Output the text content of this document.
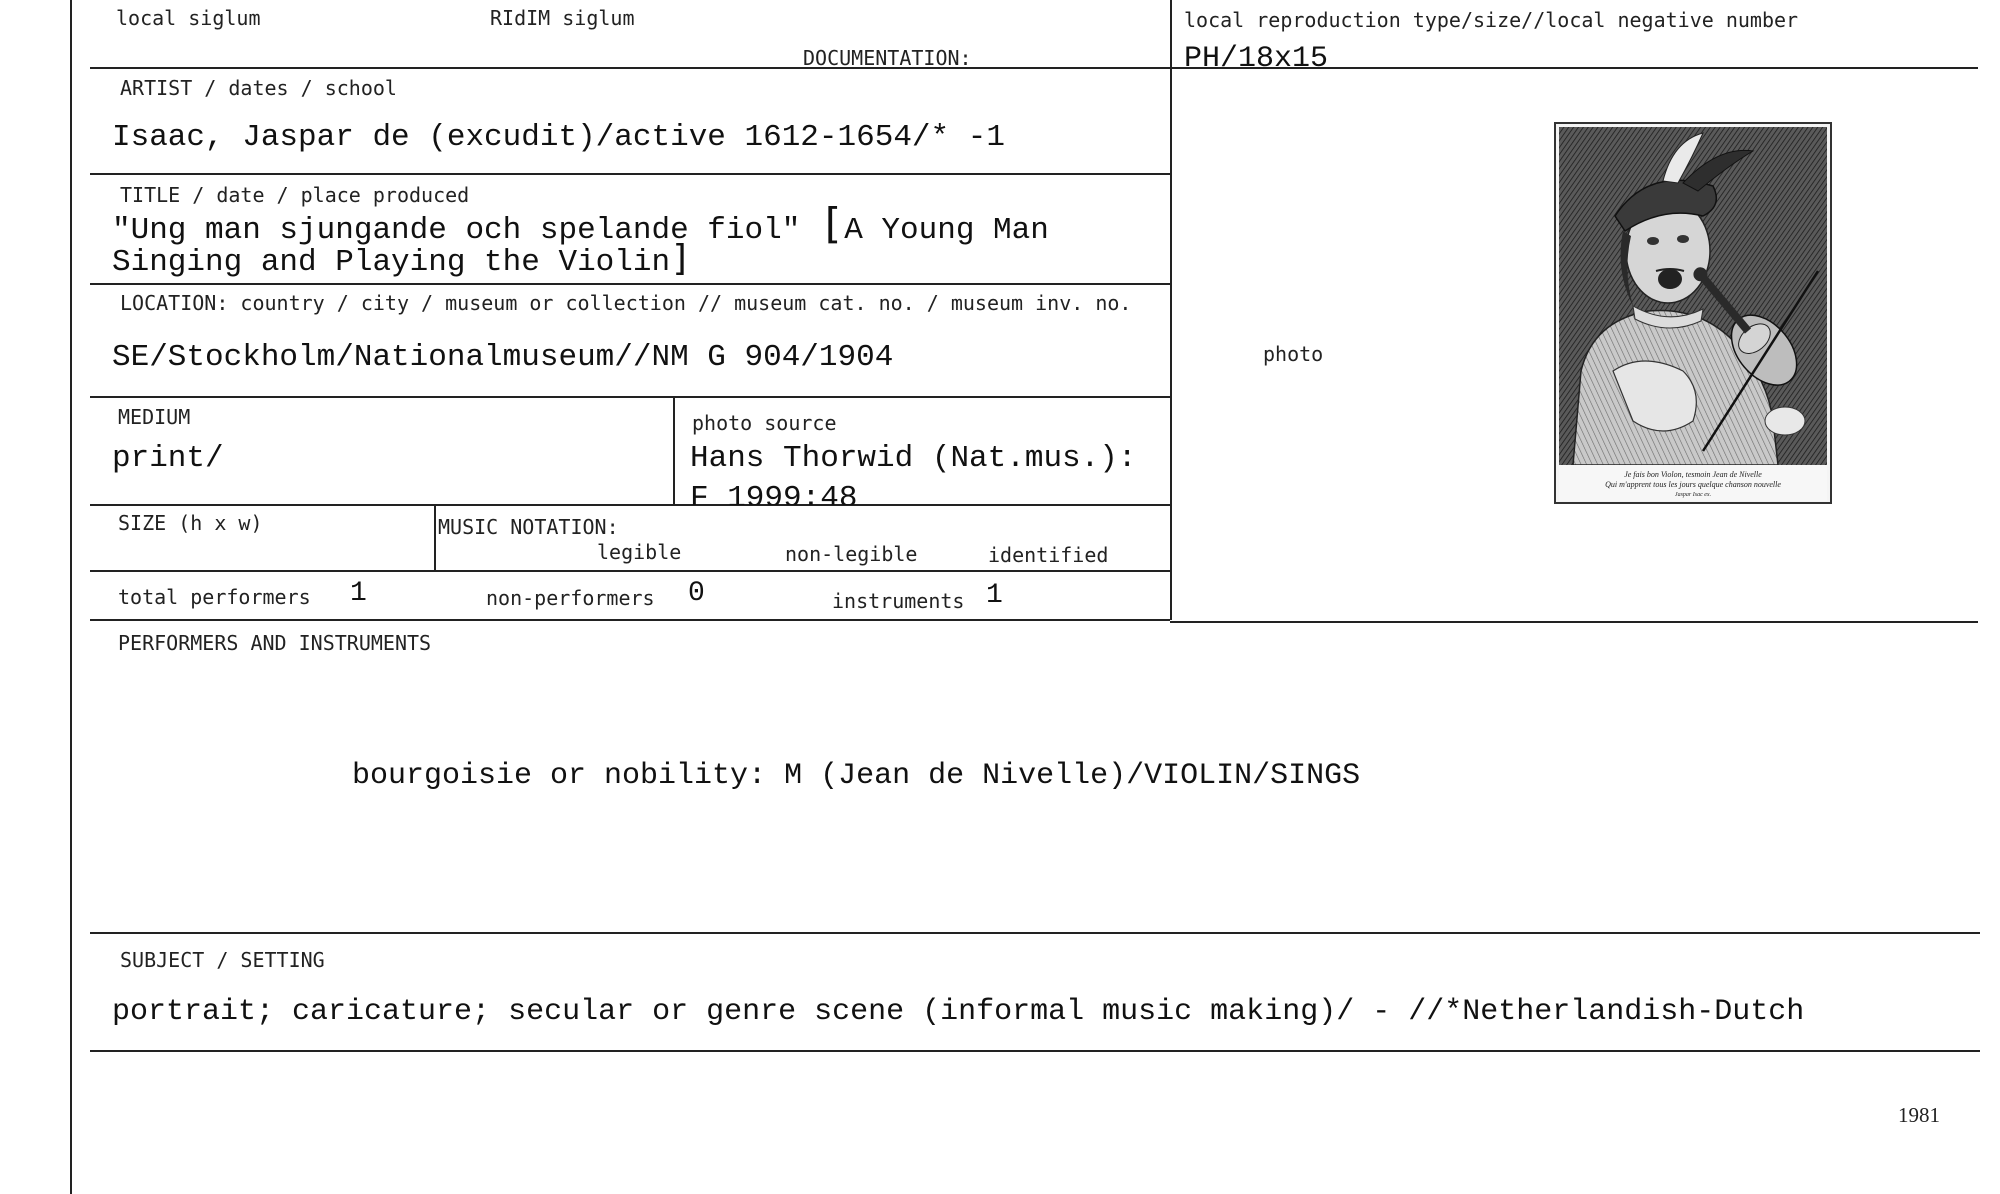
local siglum	RIdIM siglum
DOCUMENTATION:
local reproduction type/size//local negative number
PH/18x15
ARTIST / dates / school
Isaac, Jaspar de (excudit)/active 1612-1654/* -1
TITLE / date / place produced
"Ung man sjungande och spelande fiol" [A Young Man
Singing and Playing the Violin]
LOCATION: country / city / museum or collection // museum cat. no. / museum inv. no.
SE/Stockholm/Nationalmuseum//NM G 904/1904
MEDIUM
print/
photo source
Hans Thorwid (Nat.mus.):
F 1999:48
SIZE (h x w)	MUSIC NOTATION:
legible	non-legible	identified
total performers 1	non-performers 0	instruments 1
photo
Je fais bon Violon, tesmoin Jean de Nivelle
Qui m'apprent tous les jours quelque chanson nouvelle
Jaspar Isac ex.
PERFORMERS AND INSTRUMENTS
bourgoisie or nobility: M (Jean de Nivelle)/VIOLIN/SINGS
SUBJECT / SETTING
portrait; caricature; secular or genre scene (informal music making)/ - //*Netherlandish-Dutch
1981
